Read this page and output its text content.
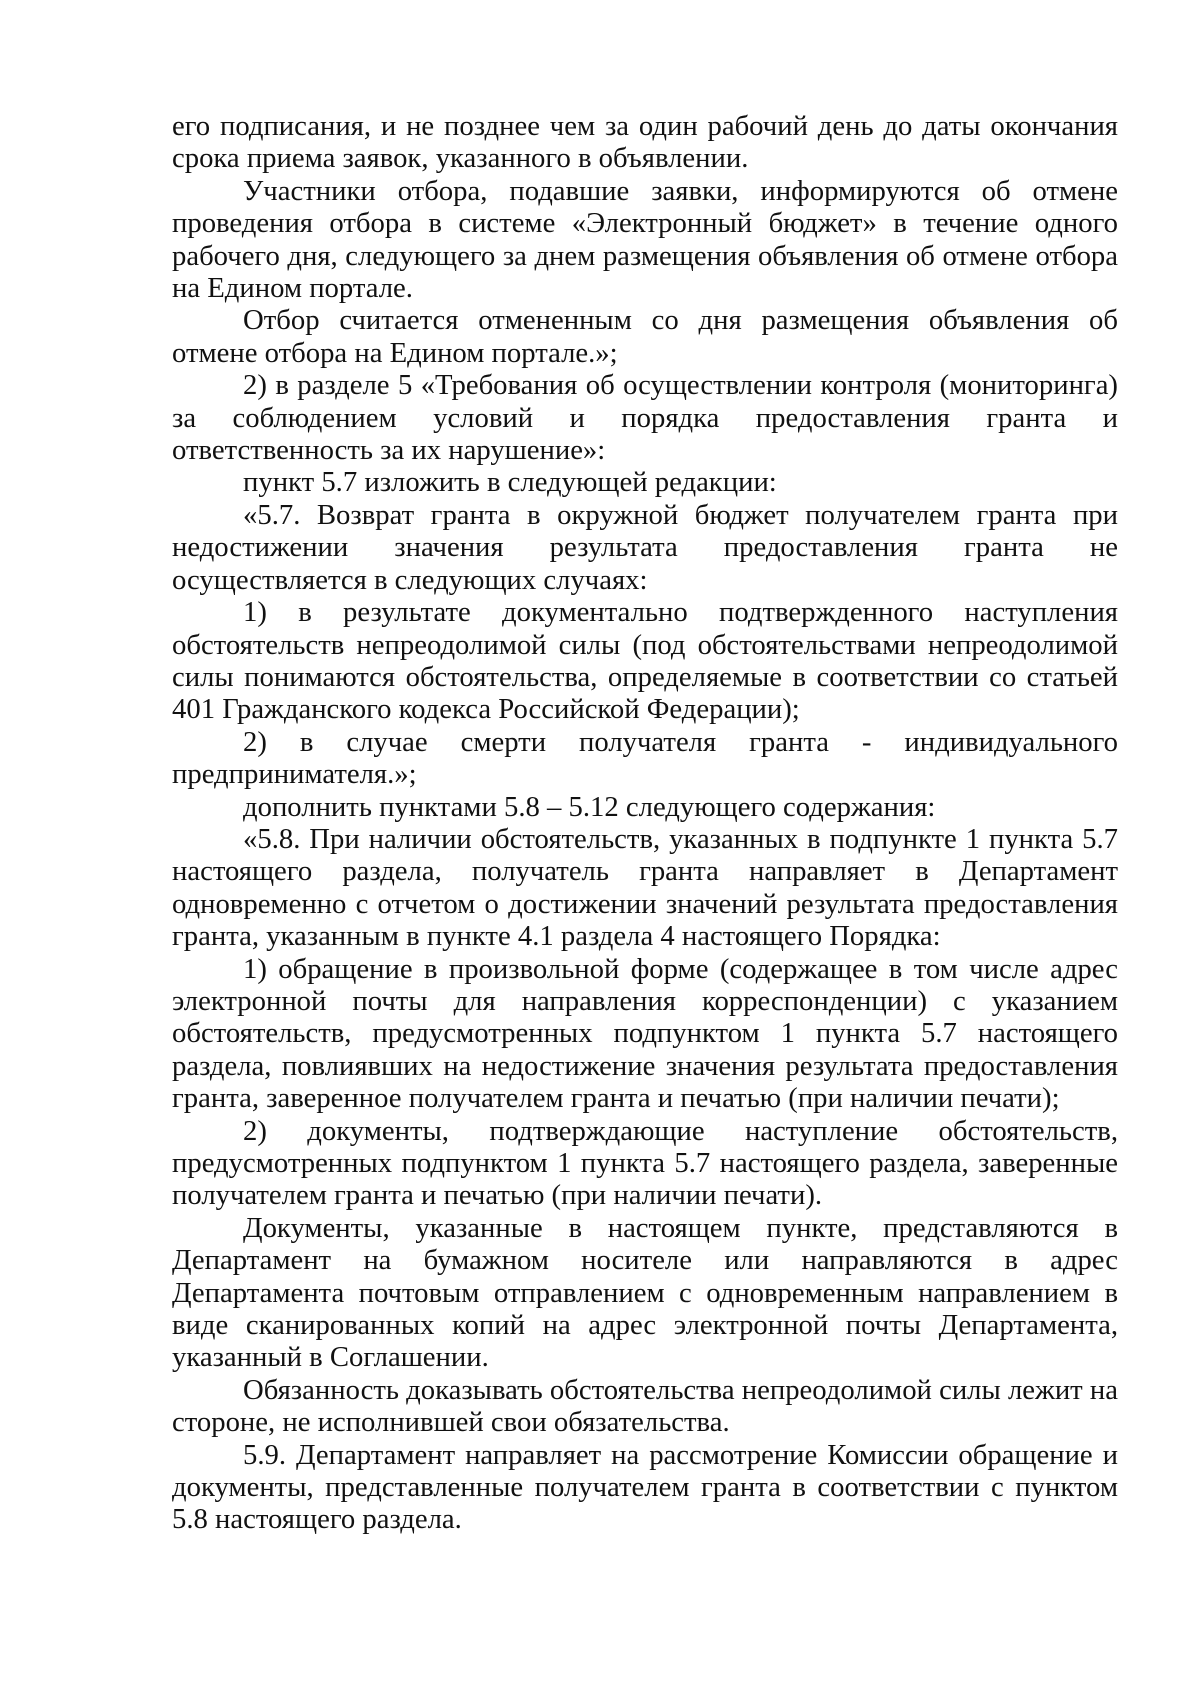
его подписания, и не позднее чем за один рабочий день до даты окончания срока приема заявок, указанного в объявлении.

Участники отбора, подавшие заявки, информируются об отмене проведения отбора в системе «Электронный бюджет» в течение одного рабочего дня, следующего за днем размещения объявления об отмене отбора на Едином портале.

Отбор считается отмененным со дня размещения объявления об отмене отбора на Едином портале.»;

2) в разделе 5 «Требования об осуществлении контроля (мониторинга) за соблюдением условий и порядка предоставления гранта и ответственность за их нарушение»:

пункт 5.7 изложить в следующей редакции:

«5.7. Возврат гранта в окружной бюджет получателем гранта при недостижении значения результата предоставления гранта не осуществляется в следующих случаях:

1) в результате документально подтвержденного наступления обстоятельств непреодолимой силы (под обстоятельствами непреодолимой силы понимаются обстоятельства, определяемые в соответствии со статьей 401 Гражданского кодекса Российской Федерации);

2) в случае смерти получателя гранта - индивидуального предпринимателя.»;

дополнить пунктами 5.8 – 5.12 следующего содержания:

«5.8. При наличии обстоятельств, указанных в подпункте 1 пункта 5.7 настоящего раздела, получатель гранта направляет в Департамент одновременно с отчетом о достижении значений результата предоставления гранта, указанным в пункте 4.1 раздела 4 настоящего Порядка:

1) обращение в произвольной форме (содержащее в том числе адрес электронной почты для направления корреспонденции) с указанием обстоятельств, предусмотренных подпунктом 1 пункта 5.7 настоящего раздела, повлиявших на недостижение значения результата предоставления гранта, заверенное получателем гранта и печатью (при наличии печати);

2) документы, подтверждающие наступление обстоятельств, предусмотренных подпунктом 1 пункта 5.7 настоящего раздела, заверенные получателем гранта и печатью (при наличии печати).

Документы, указанные в настоящем пункте, представляются в Департамент на бумажном носителе или направляются в адрес Департамента почтовым отправлением с одновременным направлением в виде сканированных копий на адрес электронной почты Департамента, указанный в Соглашении.

Обязанность доказывать обстоятельства непреодолимой силы лежит на стороне, не исполнившей свои обязательства.

5.9. Департамент направляет на рассмотрение Комиссии обращение и документы, представленные получателем гранта в соответствии с пунктом 5.8 настоящего раздела.
